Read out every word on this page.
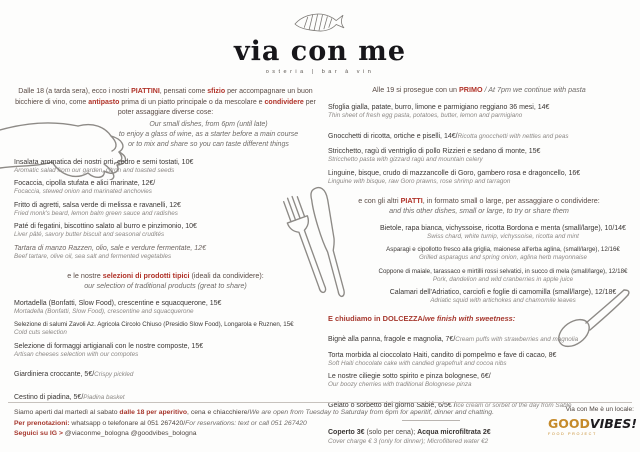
via con me
osteria | bar à vin
Dalle 18 (a tarda sera), ecco i nostri PIATTINI, pensati come sfizio per accompagnare un buon bicchiere di vino, come antipasto prima di un piatto principale o da mescolare e condividere per poter assaggiare diverse cose:
Our small dishes, from 6pm (until late)
to enjoy a glass of wine, as a starter before a main course
or to mix and share so you can taste different things
Insalata aromatica dei nostri orti, cedro e semi tostati, 10€
Aromatic salad from our garden, citron and toasted seeds
Focaccia, cipolla stufata e alici marinate, 12€/
Focaccia, stewed onion and marinated anchovies
Fritto di agretti, salsa verde di melissa e ravanelli, 12€
Fried monk's beard, lemon balm green sauce and radishes
Paté di fegatini, biscottino salato al burro e pinzimonio, 10€
Liver pâté, savory butter biscuit and seasonal crudités
Tartara di manzo Razzen, olio, sale e verdure fermentate, 12€
Beef tartare, olive oil, sea salt and fermented vegetables
e le nostre selezioni di prodotti tipici (ideali da condividere):
our selection of traditional products (great to share)
Mortadella (Bonfatti, Slow Food), crescentine e squacquerone, 15€
Mortadella (Bonfatti, Slow Food), crescentine and squacquerone
Selezione di salumi Zavoli Az. Agricola Circolo Chiuso (Presidio Slow Food), Longarola e Ruznen, 15€
Cold cuts selection
Selezione di formaggi artigianali con le nostre composte, 15€
Artisan cheeses selection with our compotes
Giardiniera croccante, 5€/Crispy pickled
Cestino di piadina, 5€/Piadina basket
Alle 19 si prosegue con un PRIMO / At 7pm we continue with pasta
Sfoglia gialla, patate, burro, limone e parmigiano reggiano 36 mesi, 14€
Thin sheet of fresh egg pasta, potatoes, butter, lemon and parmigiano
Gnocchetti di ricotta, ortiche e piselli, 14€/Ricotta gnocchetti with nettles and peas
Stricchetto, ragù di ventriglio di pollo Rizzieri e sedano di monte, 15€
Stricchetto pasta with gizzard ragù and mountain celery
Linguine, bisque, crudo di mazzancolle di Goro, gambero rosa e dragoncello, 16€
Linguine with bisque, raw Goro prawns, rose shrimp and tarragon
e con gli altri PIATTI, in formato small o large, per assaggiare o condividere:
and this other dishes, small or large, to try or share them
Bietole, rapa bianca, vichyssoise, ricotta Bordona e menta (small/large), 10/14€
Swiss chard, white turnip, vichyssoise, ricotta and mint
Asparagi e cipollotto fresco alla griglia, maionese all'erba aglina, (small/large), 12/16€
Grilled asparagus and spring onion, aglina herb mayonnaise
Coppone di maiale, tarassaco e mirtilli rossi selvatici, in succo di mela (small/large), 12/18€
Pork, dandelion and wild cranberries in apple juice
Calamari dell'Adriatico, carciofi e foglie di camomilla (small/large), 12/18€
Adriatic squid with artichokes and chamomile leaves
E chiudiamo in DOLCEZZA/we finish with sweetness:
Bignè alla panna, fragole e magnolia, 7€/Cream puffs with strawberries and magnolia
Torta morbida al cioccolato Haiti, candito di pompelmo e fave di cacao, 8€
Soft Haiti chocolate cake with candied grapefruit and cocoa nibs
Le nostre ciliegie sotto spirito e pinza bolognese, 6€/
Our boozy cherries with traditional Bolognese pinza
Gelato o sorbetto del giorno Sablé, 6/5€ /Ice cream or sorbet of the day from Sablé
Coperto 3€ (solo per cena); Acqua microfiltrata 2€
Cover charge € 3 (only for dinner); Microfiltered water €2
Siamo aperti dal martedì al sabato dalle 18 per aperitivo, cena e chiacchiere/We are open from Tuesday to Saturday from 6pm for aperitif, dinner and chatting.
Per prenotazioni: whatsapp o telefonare al 051 267420/For reservations: text or call 051 267420
Seguici su IG > @viaconme_bologna @goodvibes_bologna
Via con Me è un locale:
GOODVIBES!
FOOD PROJECT
